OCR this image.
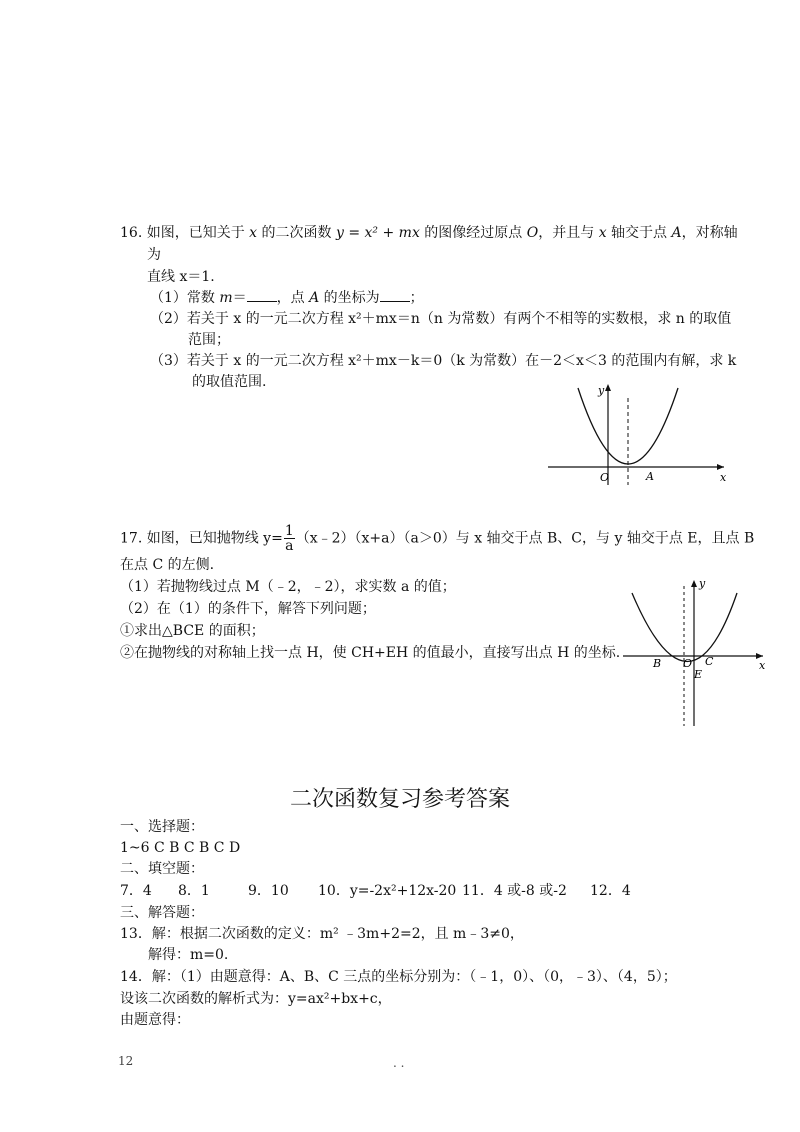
16. 如图，已知关于 x 的二次函数 y = x² + mx 的图像经过原点 O，并且与 x 轴交于点 A，对称轴
为
直线 x＝1.
（1）常数 m＝ ，点 A 的坐标为 ；
（2）若关于 x 的一元二次方程 x²＋mx＝n（n 为常数）有两个不相等的实数根，求 n 的取值
范围；
（3）若关于 x 的一元二次方程 x²＋mx－k＝0（k 为常数）在－2＜x＜3 的范围内有解，求 k
的取值范围.
y
x
O	A
17. 如图，已知抛物线 $y= \frac{1}{a}$ （x﹣2）（x+a）（a＞0）与 x 轴交于点 B、C，与 y 轴交于点 E，且点 B
在点 C 的左侧.
（1）若抛物线过点 M（﹣2，﹣2），求实数 a 的值；
（2）在（1）的条件下，解答下列问题；
①求出△BCE 的面积；
②在抛物线的对称轴上找一点 H，使 CH+EH 的值最小，直接写出点 H 的坐标.
y
x
B O C
E
二次函数复习参考答案
一、选择题：
1~6 C B C B C D
二、填空题：
7．4 8．1	9．10 10．y=-2x²+12x-20 11．4 或-8 或-2 12．4
三、解答题：
13．解：根据二次函数的定义：m² ﹣3m+2=2，且 m﹣3≠0，
解得：m=0.
14．解：（1）由题意得：A、B、C 三点的坐标分别为：（﹣1，0）、（0，﹣3）、（4，5）；
设该二次函数的解析式为：y=ax²+bx+c，
由题意得：
12	. .
